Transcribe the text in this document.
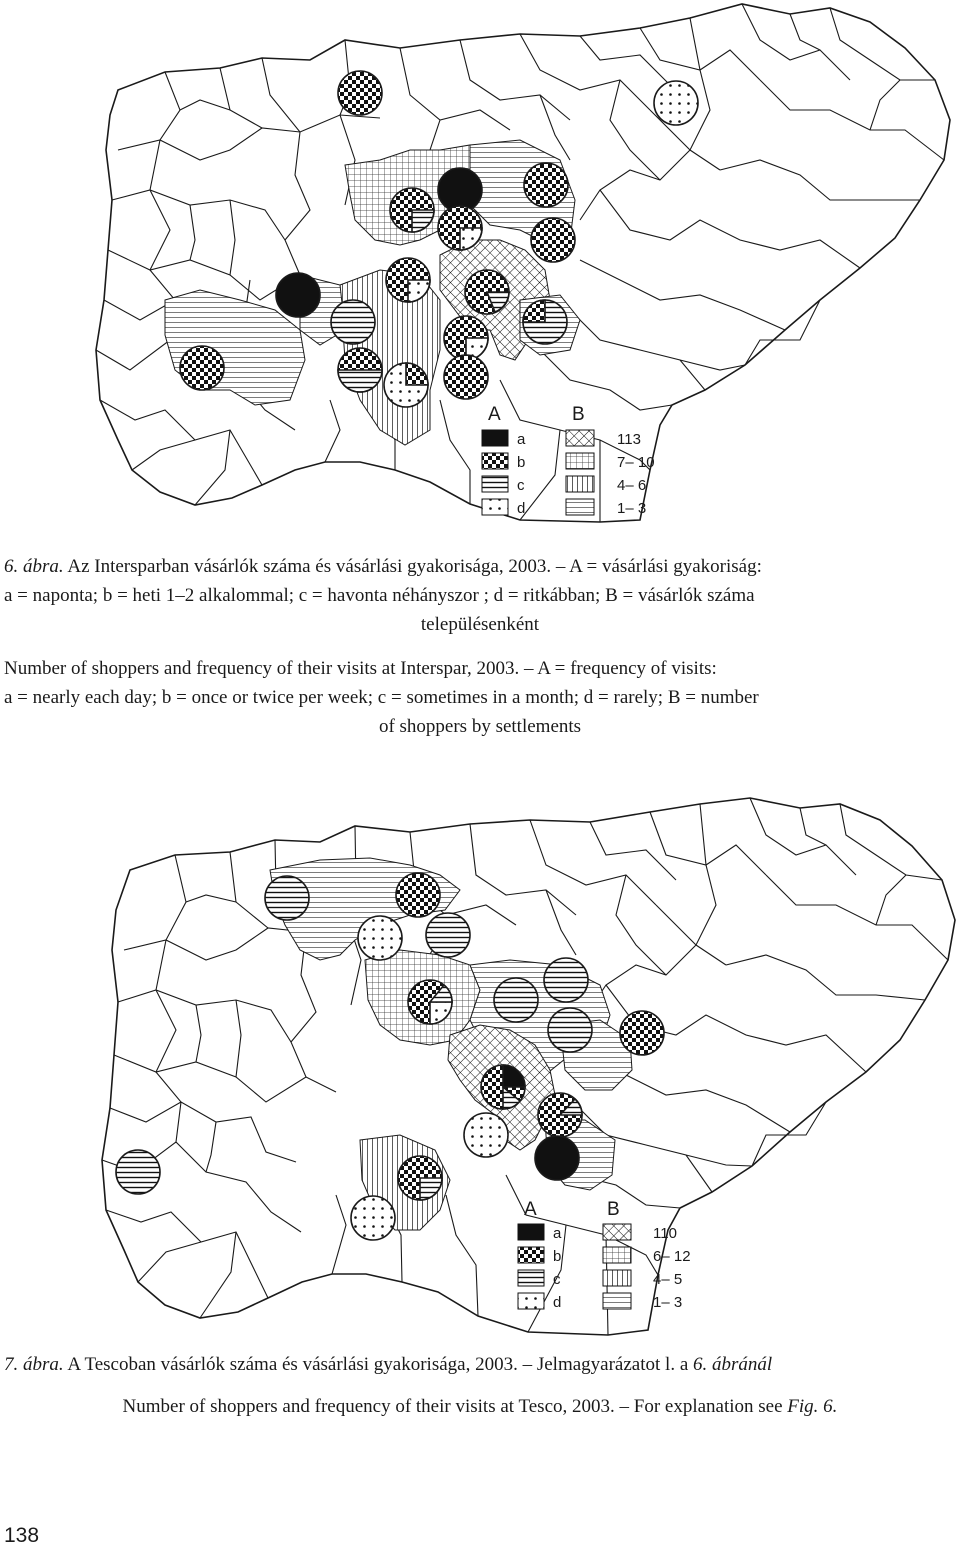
A	B
a
b
c
d
113
7– 10
4– 6
1– 3
6. ábra. Az Intersparban vásárlók száma és vásárlási gyakorisága, 2003. – A = vásárlási gyakoriság:
a = naponta; b = heti 1–2 alkalommal; c = havonta néhányszor ; d = ritkábban; B = vásárlók száma
településenként
Number of shoppers and frequency of their visits at Interspar, 2003. – A = frequency of visits:
a = nearly each day; b = once or twice per week; c = sometimes in a month; d = rarely; B = number
of shoppers by settlements
A	B
a
b
c
d
110
6– 12
4– 5
1– 3
7. ábra. A Tescoban vásárlók száma és vásárlási gyakorisága, 2003. – Jelmagyarázatot l. a 6. ábránál
Number of shoppers and frequency of their visits at Tesco, 2003. – For explanation see Fig. 6.
138
